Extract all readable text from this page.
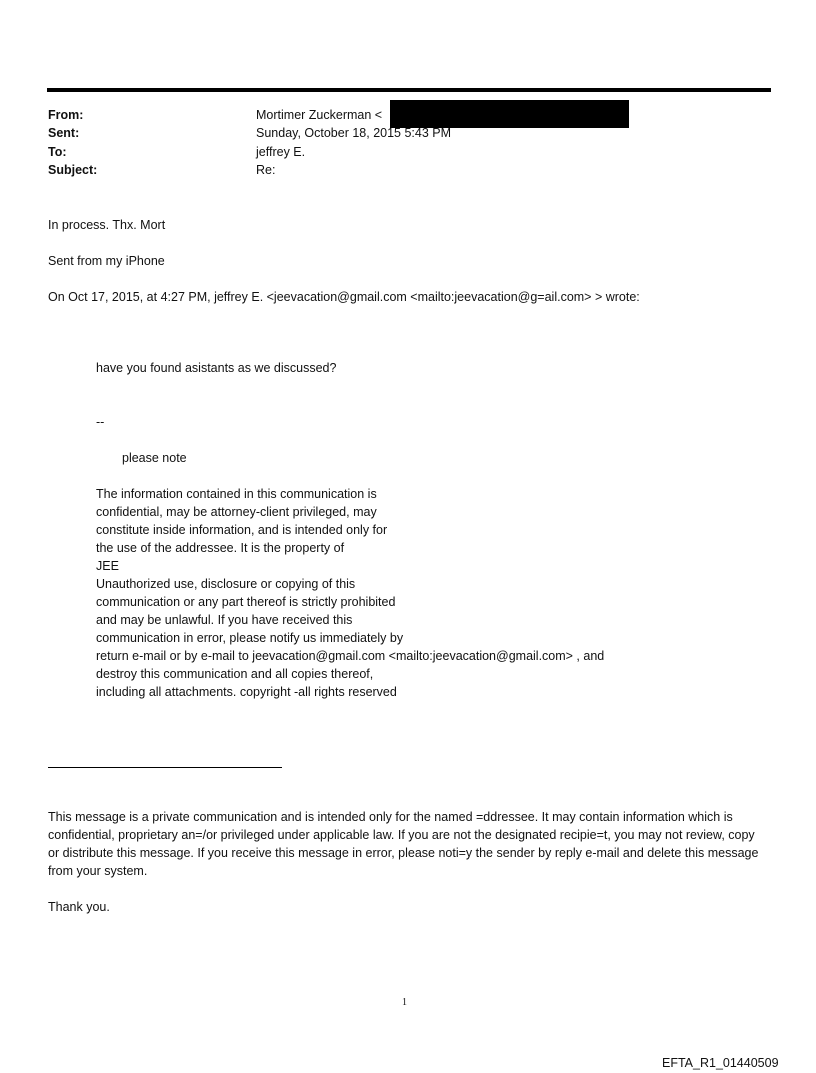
From:	Mortimer Zuckerman <
Sent:	Sunday, October 18, 2015 5:43 PM
To:	jeffrey E.
Subject:	Re:
In process. Thx. Mort
Sent from my iPhone
On Oct 17, 2015, at 4:27 PM, jeffrey E. <jeevacation@gmail.com <mailto:jeevacation@g=ail.com> > wrote:
have you found asistants as we discussed?
--
please note
The information contained in this communication is
confidential, may be attorney-client privileged, may
constitute inside information, and is intended only for
the use of the addressee. It is the property of
JEE
Unauthorized use, disclosure or copying of this
communication or any part thereof is strictly prohibited
and may be unlawful. If you have received this
communication in error, please notify us immediately by
return e-mail or by e-mail to jeevacation@gmail.com <mailto:jeevacation@gmail.com> , and
destroy this communication and all copies thereof,
including all attachments. copyright -all rights reserved
This message is a private communication and is intended only for the named =ddressee. It may contain information which is confidential, proprietary an=/or privileged under applicable law. If you are not the designated recipie=t, you may not review, copy or distribute this message. If you receive this message in error, please noti=y the sender by reply e-mail and delete this message from your system.
Thank you.
1
EFTA_R1_01440509
